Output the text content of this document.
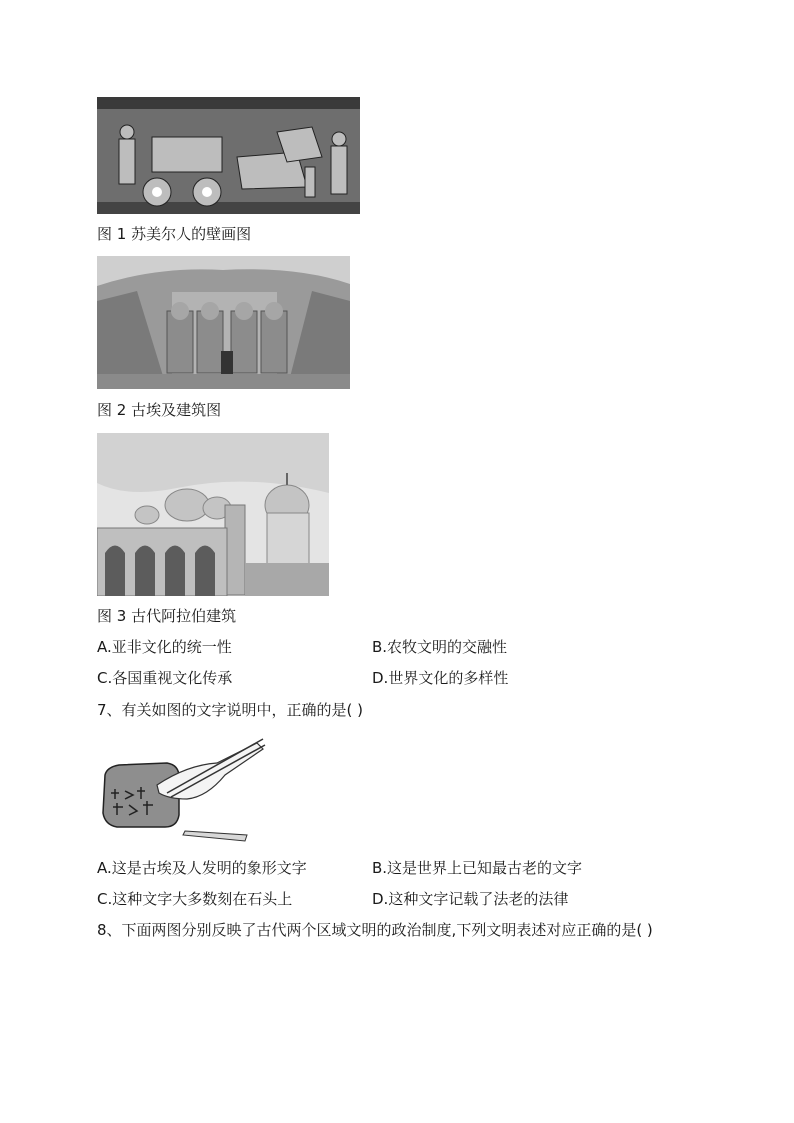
图 1 苏美尔人的壁画图
图 2 古埃及建筑图
图 3 古代阿拉伯建筑
A.亚非文化的统一性	B.农牧文明的交融性
C.各国重视文化传承	D.世界文化的多样性
7、有关如图的文字说明中，正确的是( )
A.这是古埃及人发明的象形文字	B.这是世界上已知最古老的文字
C.这种文字大多数刻在石头上	D.这种文字记载了法老的法律
8、下面两图分别反映了古代两个区域文明的政治制度,下列文明表述对应正确的是( )
